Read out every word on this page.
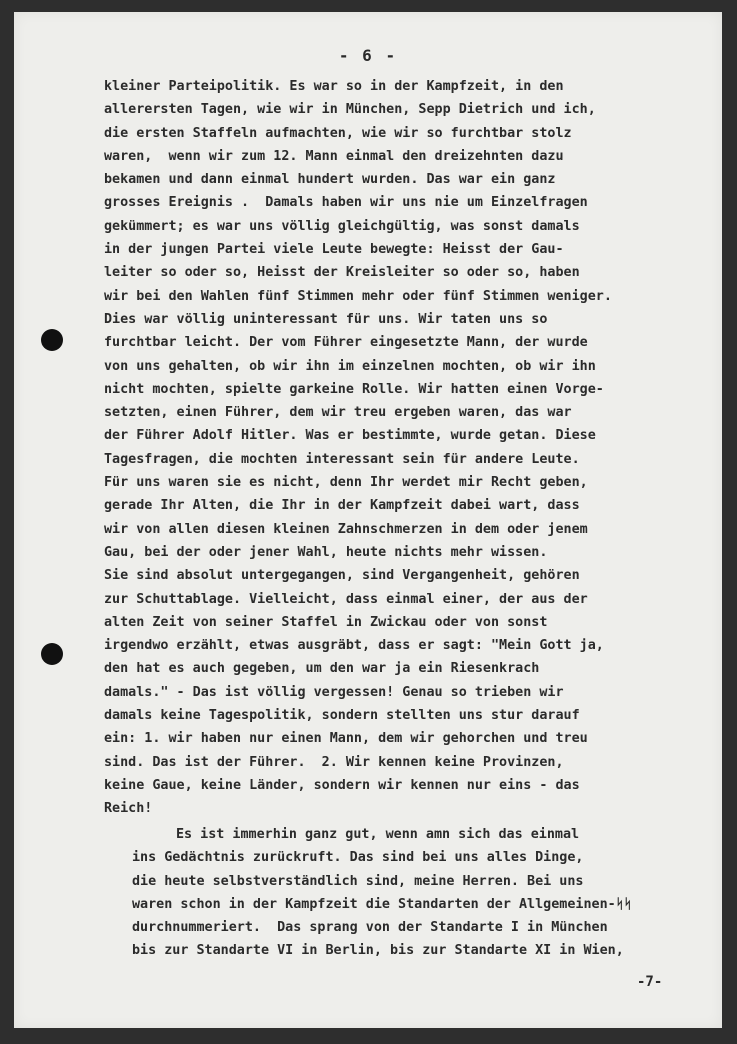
- 6 -
kleiner Parteipolitik. Es war so in der Kampfzeit, in den
allerersten Tagen, wie wir in München, Sepp Dietrich und ich,
die ersten Staffeln aufmachten, wie wir so furchtbar stolz
waren,  wenn wir zum 12. Mann einmal den dreizehnten dazu
bekamen und dann einmal hundert wurden. Das war ein ganz
grosses Ereignis .  Damals haben wir uns nie um Einzelfragen
gekümmert; es war uns völlig gleichgültig, was sonst damals
in der jungen Partei viele Leute bewegte: Heisst der Gau-
leiter so oder so, Heisst der Kreisleiter so oder so, haben
wir bei den Wahlen fünf Stimmen mehr oder fünf Stimmen weniger.
Dies war völlig uninteressant für uns. Wir taten uns so
furchtbar leicht. Der vom Führer eingesetzte Mann, der wurde
von uns gehalten, ob wir ihn im einzelnen mochten, ob wir ihn
nicht mochten, spielte garkeine Rolle. Wir hatten einen Vorge-
setzten, einen Führer, dem wir treu ergeben waren, das war
der Führer Adolf Hitler. Was er bestimmte, wurde getan. Diese
Tagesfragen, die mochten interessant sein für andere Leute.
Für uns waren sie es nicht, denn Ihr werdet mir Recht geben,
gerade Ihr Alten, die Ihr in der Kampfzeit dabei wart, dass
wir von allen diesen kleinen Zahnschmerzen in dem oder jenem
Gau, bei der oder jener Wahl, heute nichts mehr wissen.
Sie sind absolut untergegangen, sind Vergangenheit, gehören
zur Schuttablage. Vielleicht, dass einmal einer, der aus der
alten Zeit von seiner Staffel in Zwickau oder von sonst
irgendwo erzählt, etwas ausgräbt, dass er sagt: "Mein Gott ja,
den hat es auch gegeben, um den war ja ein Riesenkrach
damals." - Das ist völlig vergessen! Genau so trieben wir
damals keine Tagespolitik, sondern stellten uns stur darauf
ein: 1. wir haben nur einen Mann, dem wir gehorchen und treu
sind. Das ist der Führer.  2. Wir kennen keine Provinzen,
keine Gaue, keine Länder, sondern wir kennen nur eins - das
Reich!
Es ist immerhin ganz gut, wenn amn sich das einmal
ins Gedächtnis zurückruft. Das sind bei uns alles Dinge,
die heute selbstverständlich sind, meine Herren. Bei uns
waren schon in der Kampfzeit die Standarten der Allgemeinen-ᛋᛋ
durchnummeriert.  Das sprang von der Standarte I in München
bis zur Standarte VI in Berlin, bis zur Standarte XI in Wien,
-7-
